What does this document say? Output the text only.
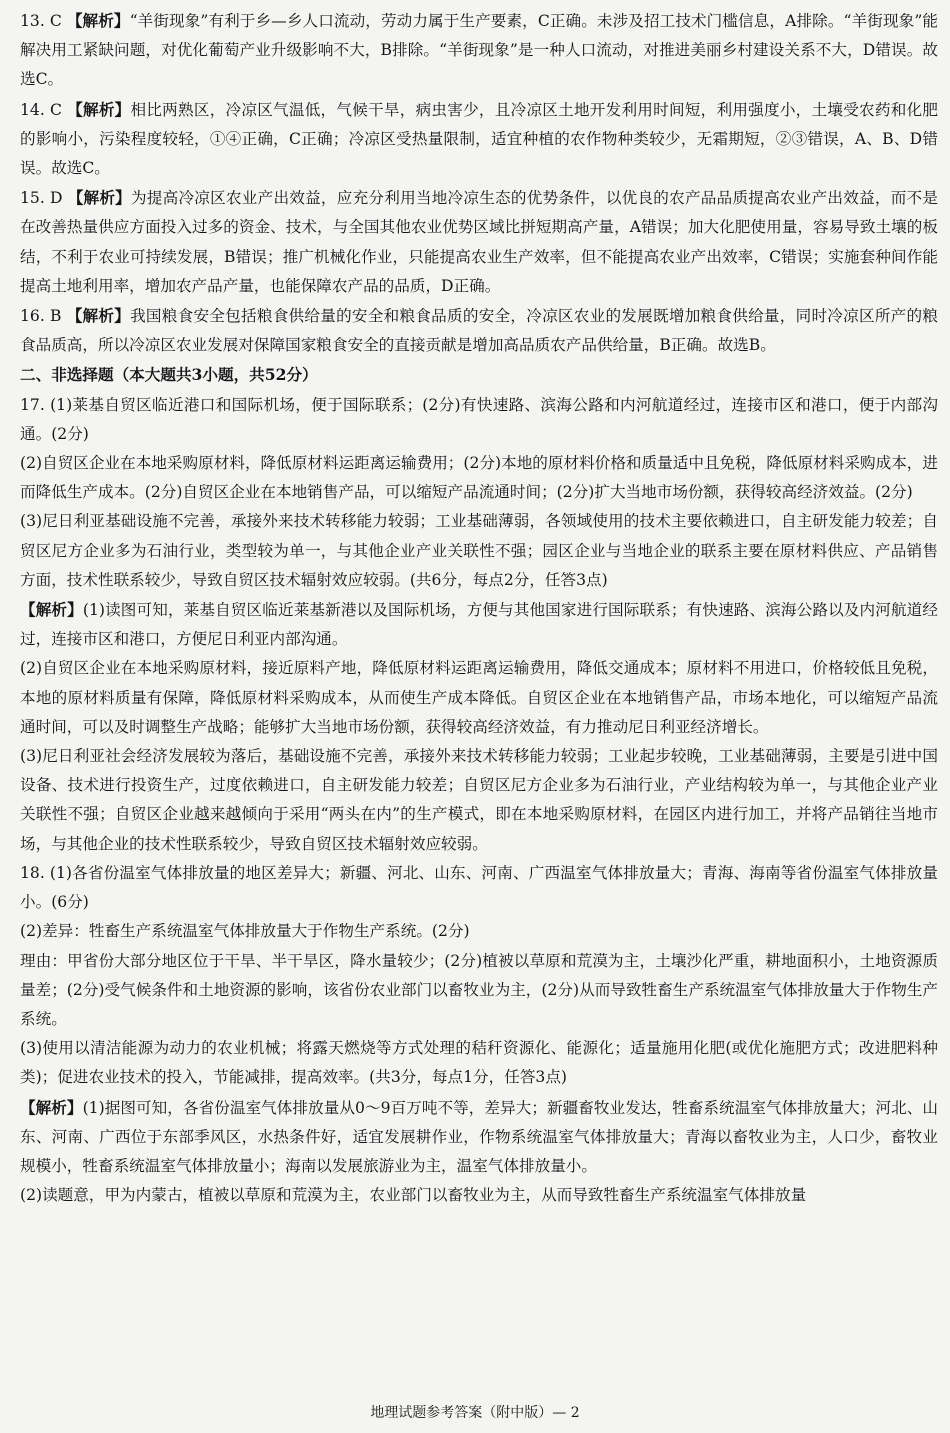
13. C 【解析】“羊街现象”有利于乡—乡人口流动，劳动力属于生产要素，C正确。未涉及招工技术门槛信息，A排除。“羊街现象”能解决用工紧缺问题，对优化葡萄产业升级影响不大，B排除。“羊街现象”是一种人口流动，对推进美丽乡村建设关系不大，D错误。故选C。

14. C 【解析】相比两熟区，冷凉区气温低，气候干旱，病虫害少，且冷凉区土地开发利用时间短，利用强度小，土壤受农药和化肥的影响小，污染程度较轻，①④正确，C正确；冷凉区受热量限制，适宜种植的农作物种类较少，无霜期短，②③错误，A、B、D错误。故选C。

15. D 【解析】为提高冷凉区农业产出效益，应充分利用当地冷凉生态的优势条件，以优良的农产品品质提高农业产出效益，而不是在改善热量供应方面投入过多的资金、技术，与全国其他农业优势区域比拼短期高产量，A错误；加大化肥使用量，容易导致土壤的板结，不利于农业可持续发展，B错误；推广机械化作业，只能提高农业生产效率，但不能提高农业产出效率，C错误；实施套种间作能提高土地利用率，增加农产品产量，也能保障农产品的品质，D正确。

16. B 【解析】我国粮食安全包括粮食供给量的安全和粮食品质的安全，冷凉区农业的发展既增加粮食供给量，同时冷凉区所产的粮食品质高，所以冷凉区农业发展对保障国家粮食安全的直接贡献是增加高品质农产品供给量，B正确。故选B。

二、非选择题（本大题共3小题，共52分）

17. (1)莱基自贸区临近港口和国际机场，便于国际联系；(2分)有快速路、滨海公路和内河航道经过，连接市区和港口，便于内部沟通。(2分)

(2)自贸区企业在本地采购原材料，降低原材料运距离运输费用；(2分)本地的原材料价格和质量适中且免税，降低原材料采购成本，进而降低生产成本。(2分)自贸区企业在本地销售产品，可以缩短产品流通时间；(2分)扩大当地市场份额，获得较高经济效益。(2分)

(3)尼日利亚基础设施不完善，承接外来技术转移能力较弱；工业基础薄弱，各领域使用的技术主要依赖进口，自主研发能力较差；自贸区尼方企业多为石油行业，类型较为单一，与其他企业产业关联性不强；园区企业与当地企业的联系主要在原材料供应、产品销售方面，技术性联系较少，导致自贸区技术辐射效应较弱。(共6分，每点2分，任答3点)

【解析】(1)读图可知，莱基自贸区临近莱基新港以及国际机场，方便与其他国家进行国际联系；有快速路、滨海公路以及内河航道经过，连接市区和港口，方便尼日利亚内部沟通。

(2)自贸区企业在本地采购原材料，接近原料产地，降低原材料运距离运输费用，降低交通成本；原材料不用进口，价格较低且免税，本地的原材料质量有保障，降低原材料采购成本，从而使生产成本降低。自贸区企业在本地销售产品，市场本地化，可以缩短产品流通时间，可以及时调整生产战略；能够扩大当地市场份额，获得较高经济效益，有力推动尼日利亚经济增长。

(3)尼日利亚社会经济发展较为落后，基础设施不完善，承接外来技术转移能力较弱；工业起步较晚，工业基础薄弱，主要是引进中国设备、技术进行投资生产，过度依赖进口，自主研发能力较差；自贸区尼方企业多为石油行业，产业结构较为单一，与其他企业产业关联性不强；自贸区企业越来越倾向于采用“两头在内”的生产模式，即在本地采购原材料，在园区内进行加工，并将产品销往当地市场，与其他企业的技术性联系较少，导致自贸区技术辐射效应较弱。

18. (1)各省份温室气体排放量的地区差异大；新疆、河北、山东、河南、广西温室气体排放量大；青海、海南等省份温室气体排放量小。(6分)

(2)差异：牲畜生产系统温室气体排放量大于作物生产系统。(2分)

理由：甲省份大部分地区位于干旱、半干旱区，降水量较少；(2分)植被以草原和荒漠为主，土壤沙化严重，耕地面积小，土地资源质量差；(2分)受气候条件和土地资源的影响，该省份农业部门以畜牧业为主，(2分)从而导致牲畜生产系统温室气体排放量大于作物生产系统。

(3)使用以清洁能源为动力的农业机械；将露天燃烧等方式处理的秸秆资源化、能源化；适量施用化肥(或优化施肥方式；改进肥料种类)；促进农业技术的投入，节能减排，提高效率。(共3分，每点1分，任答3点)

【解析】(1)据图可知，各省份温室气体排放量从0～9百万吨不等，差异大；新疆畜牧业发达，牲畜系统温室气体排放量大；河北、山东、河南、广西位于东部季风区，水热条件好，适宜发展耕作业，作物系统温室气体排放量大；青海以畜牧业为主，人口少，畜牧业规模小，牲畜系统温室气体排放量小；海南以发展旅游业为主，温室气体排放量小。

(2)读题意，甲为内蒙古，植被以草原和荒漠为主，农业部门以畜牧业为主，从而导致牲畜生产系统温室气体排放量

地理试题参考答案（附中版）— 2
